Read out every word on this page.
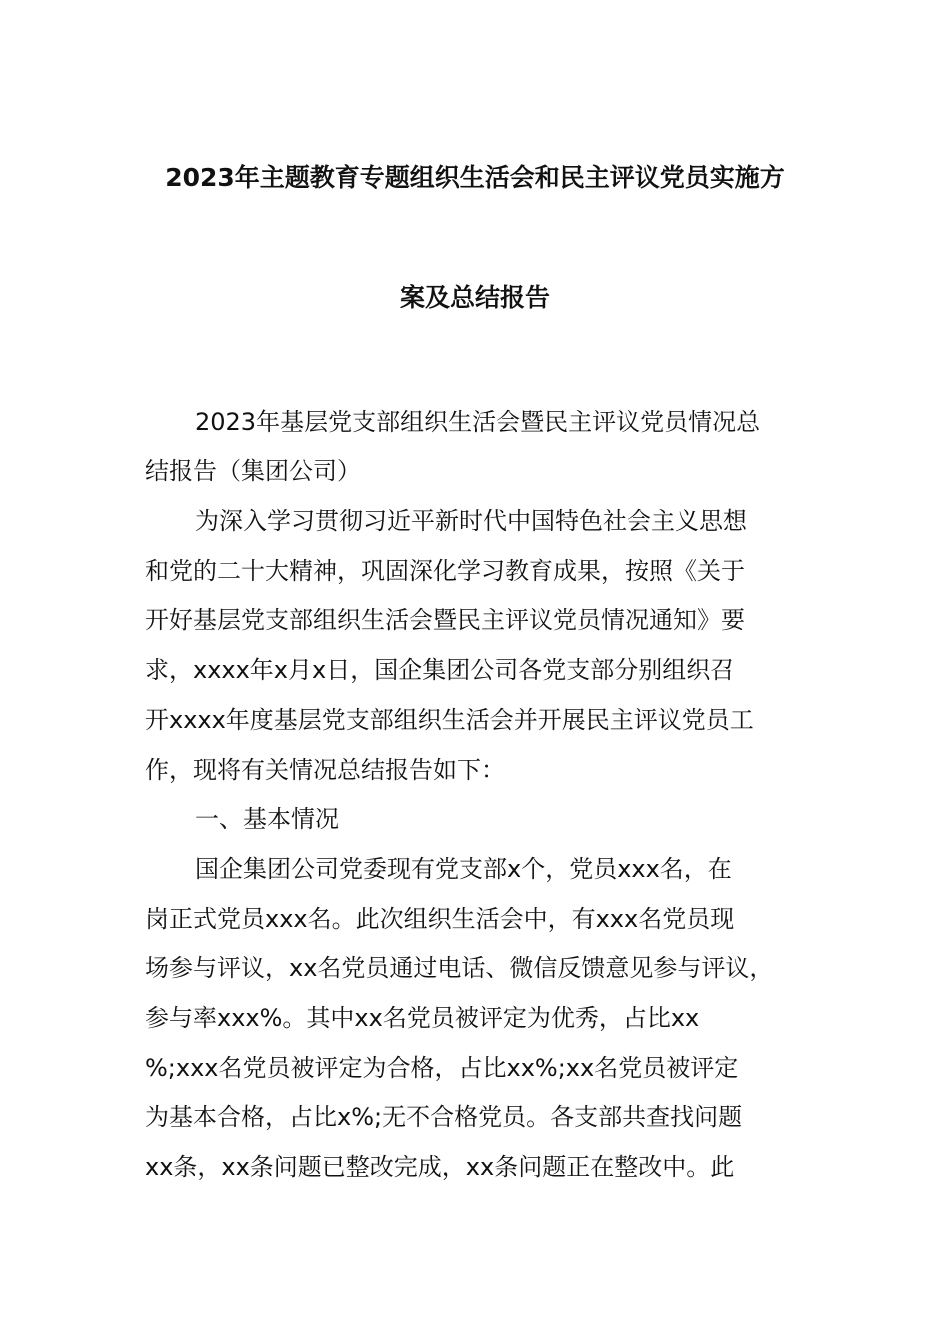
2023年主题教育专题组织生活会和民主评议党员实施方
案及总结报告
2023年基层党支部组织生活会暨民主评议党员情况总
结报告（集团公司）
为深入学习贯彻习近平新时代中国特色社会主义思想
和党的二十大精神，巩固深化学习教育成果，按照《关于
开好基层党支部组织生活会暨民主评议党员情况通知》要
求，xxxx年x月x日，国企集团公司各党支部分别组织召
开xxxx年度基层党支部组织生活会并开展民主评议党员工
作，现将有关情况总结报告如下：
一、基本情况
国企集团公司党委现有党支部x个，党员xxx名，在
岗正式党员xxx名。此次组织生活会中，有xxx名党员现
场参与评议，xx名党员通过电话、微信反馈意见参与评议，
参与率xxx%。其中xx名党员被评定为优秀，占比xx
%;xxx名党员被评定为合格，占比xx%;xx名党员被评定
为基本合格，占比x%;无不合格党员。各支部共查找问题
xx条，xx条问题已整改完成，xx条问题正在整改中。此
